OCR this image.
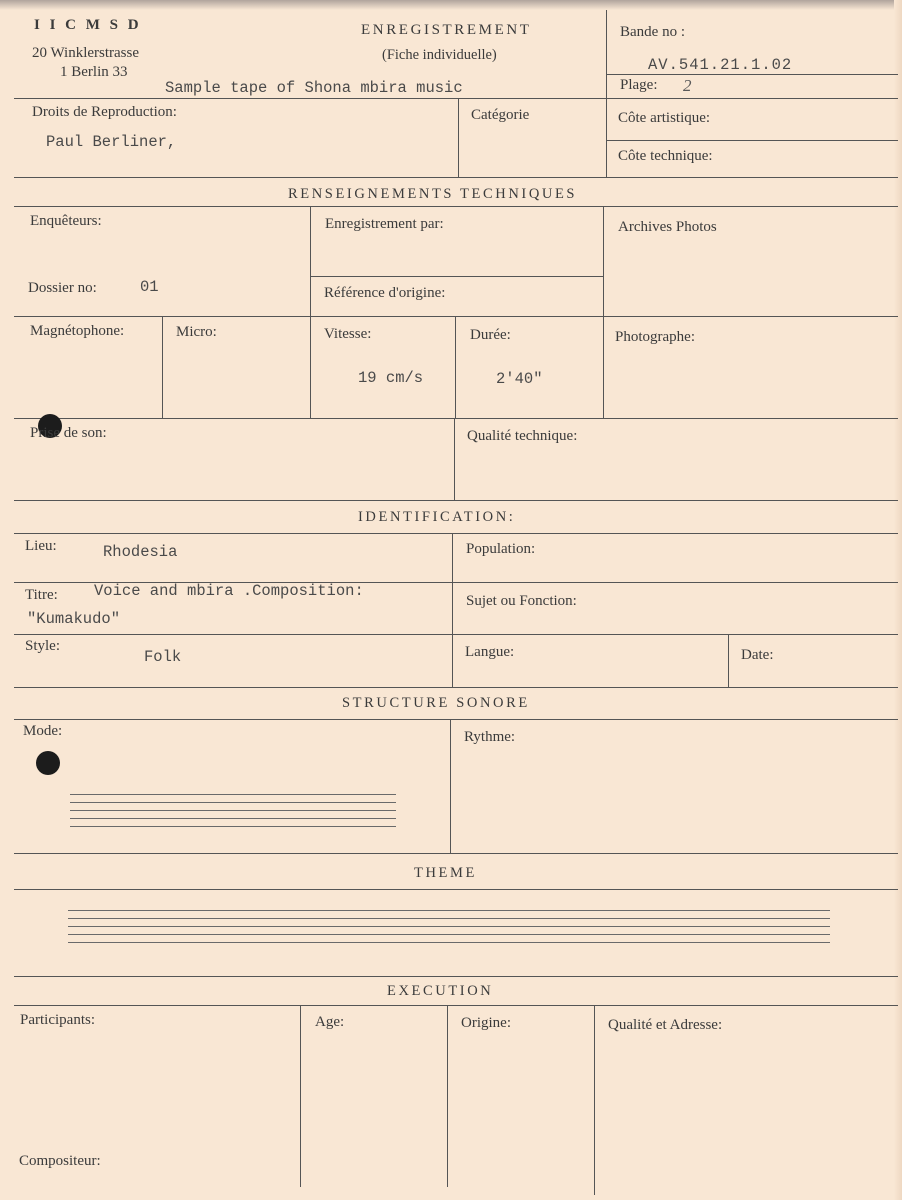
I I C M S D
20 Winklerstrasse
1 Berlin 33
ENREGISTREMENT
(Fiche individuelle)
Sample tape of Shona mbira music
Bande no :
AV.541.21.1.02
Plage: 2
Droits de Reproduction:
Paul Berliner,
Catégorie	Côte artistique:
Côte technique:
RENSEIGNEMENTS TECHNIQUES
Enquêteurs:	Enregistrement par:	Archives Photos
Dossier no:	01	Référence d'origine:
Magnétophone:	Micro:	Vitesse:
19 cm/s
Durée:
2'40"
Photographe:
Prise de son:	Qualité technique:
IDENTIFICATION:
Lieu:	Rhodesia	Population:
Titre: Voice and mbira .Composition:
"Kumakudo"
Sujet ou Fonction:
Style:
Folk	Langue:	Date:
STRUCTURE SONORE
Mode:	Rythme:
THEME
EXECUTION
Participants:	Age:	Origine:	Qualité et Adresse:
Compositeur:
